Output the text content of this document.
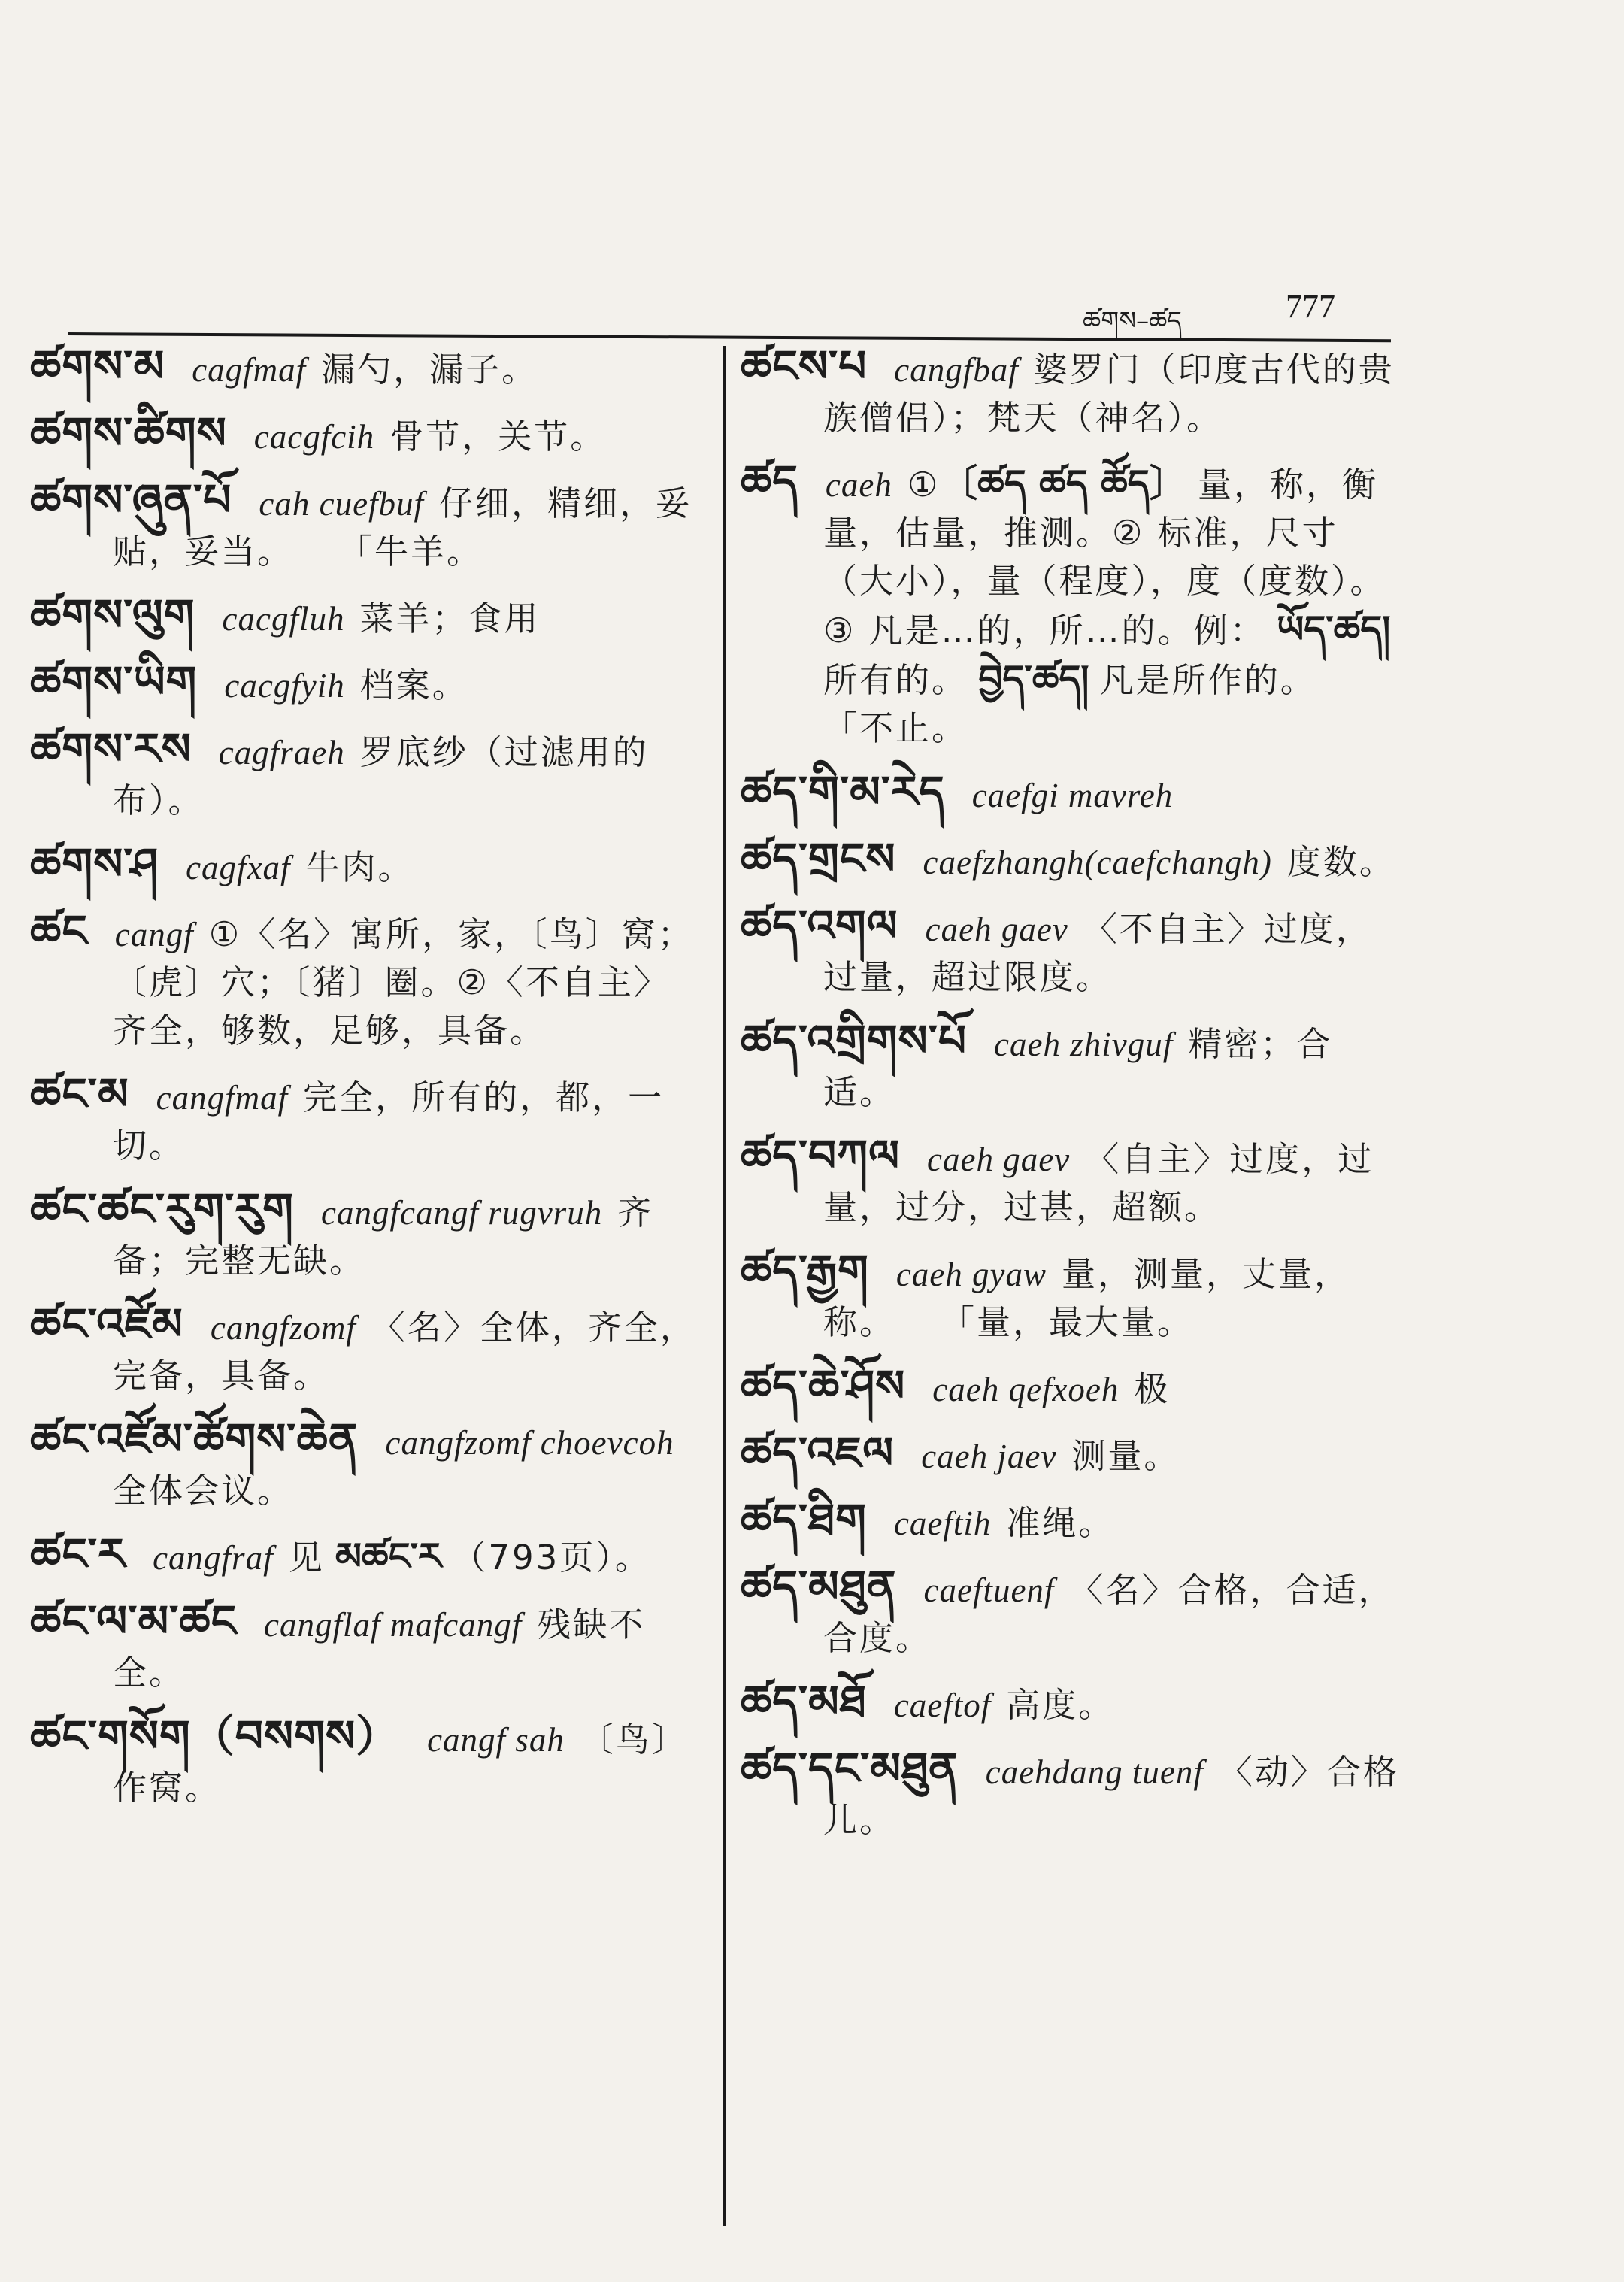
ཚགས–ཚད	777
ཚགས་མ cagfmaf 漏勺，漏子。
ཚགས་ཚིགས cacgfcih 骨节，关节。
ཚགས་ཞུན་པོ cah cuefbuf 仔细，精细，妥贴，妥当。 「牛羊。
ཚགས་ལུག cacgfluh 菜羊；食用
ཚགས་ཡིག cacgfyih 档案。
ཚགས་རས cagfraeh 罗底纱（过滤用的布）。
ཚགས་ཤ cagfxaf 牛肉。
ཚང cangf ①〈名〉寓所，家，〔鸟〕窝；〔虎〕穴；〔猪〕圈。②〈不自主〉齐全，够数，足够，具备。
ཚང་མ cangfmaf 完全，所有的，都，一切。
ཚང་ཚང་རུག་རུག cangfcangf rugvruh 齐备；完整无缺。
ཚང་འཛོམ cangfzomf 〈名〉全体，齐全，完备，具备。
ཚང་འཛོམ་ཚོགས་ཆེན cangfzomf choevcoh全体会议。
ཚང་ར cangfraf 见 མཚང་ར （793页）。
ཚང་ལ་མ་ཚང cangflaf mafcangf 残缺不全。
ཚང་གསོག（བསགས） cangf sah 〔鸟〕作窝。
ཚངས་པ cangfbaf 婆罗门（印度古代的贵族僧侣）；梵天（神名）。
ཚད caeh ①〔ཚད ཚད ཚོད〕 量，称，衡量，估量，推测。② 标准，尺寸（大小），量（程度），度（度数）。③ 凡是…的，所…的。例： ཡོད་ཚད། 所有的。 བྱེད་ཚད། 凡是所作的。「不止。
ཚད་གི་མ་རེད caefgi mavreh
ཚད་གྲངས caefzhangh(caefchangh) 度数。
ཚད་འགལ caeh gaev 〈不自主〉过度，过量，超过限度。
ཚད་འགྲིགས་པོ caeh zhivguf 精密；合适。
ཚད་བཀལ caeh gaev 〈自主〉过度，过量，过分，过甚，超额。
ཚད་རྒྱག caeh gyaw 量，测量，丈量，称。 「量，最大量。
ཚད་ཆེ་ཤོས caeh qefxoeh 极
ཚད་འཇལ caeh jaev 测量。
ཚད་ཐིག caeftih 准绳。
ཚད་མཐུན caeftuenf 〈名〉合格，合适，合度。
ཚད་མཐོ caeftof 高度。
ཚད་དང་མཐུན caehdang tuenf 〈动〉合格儿。
